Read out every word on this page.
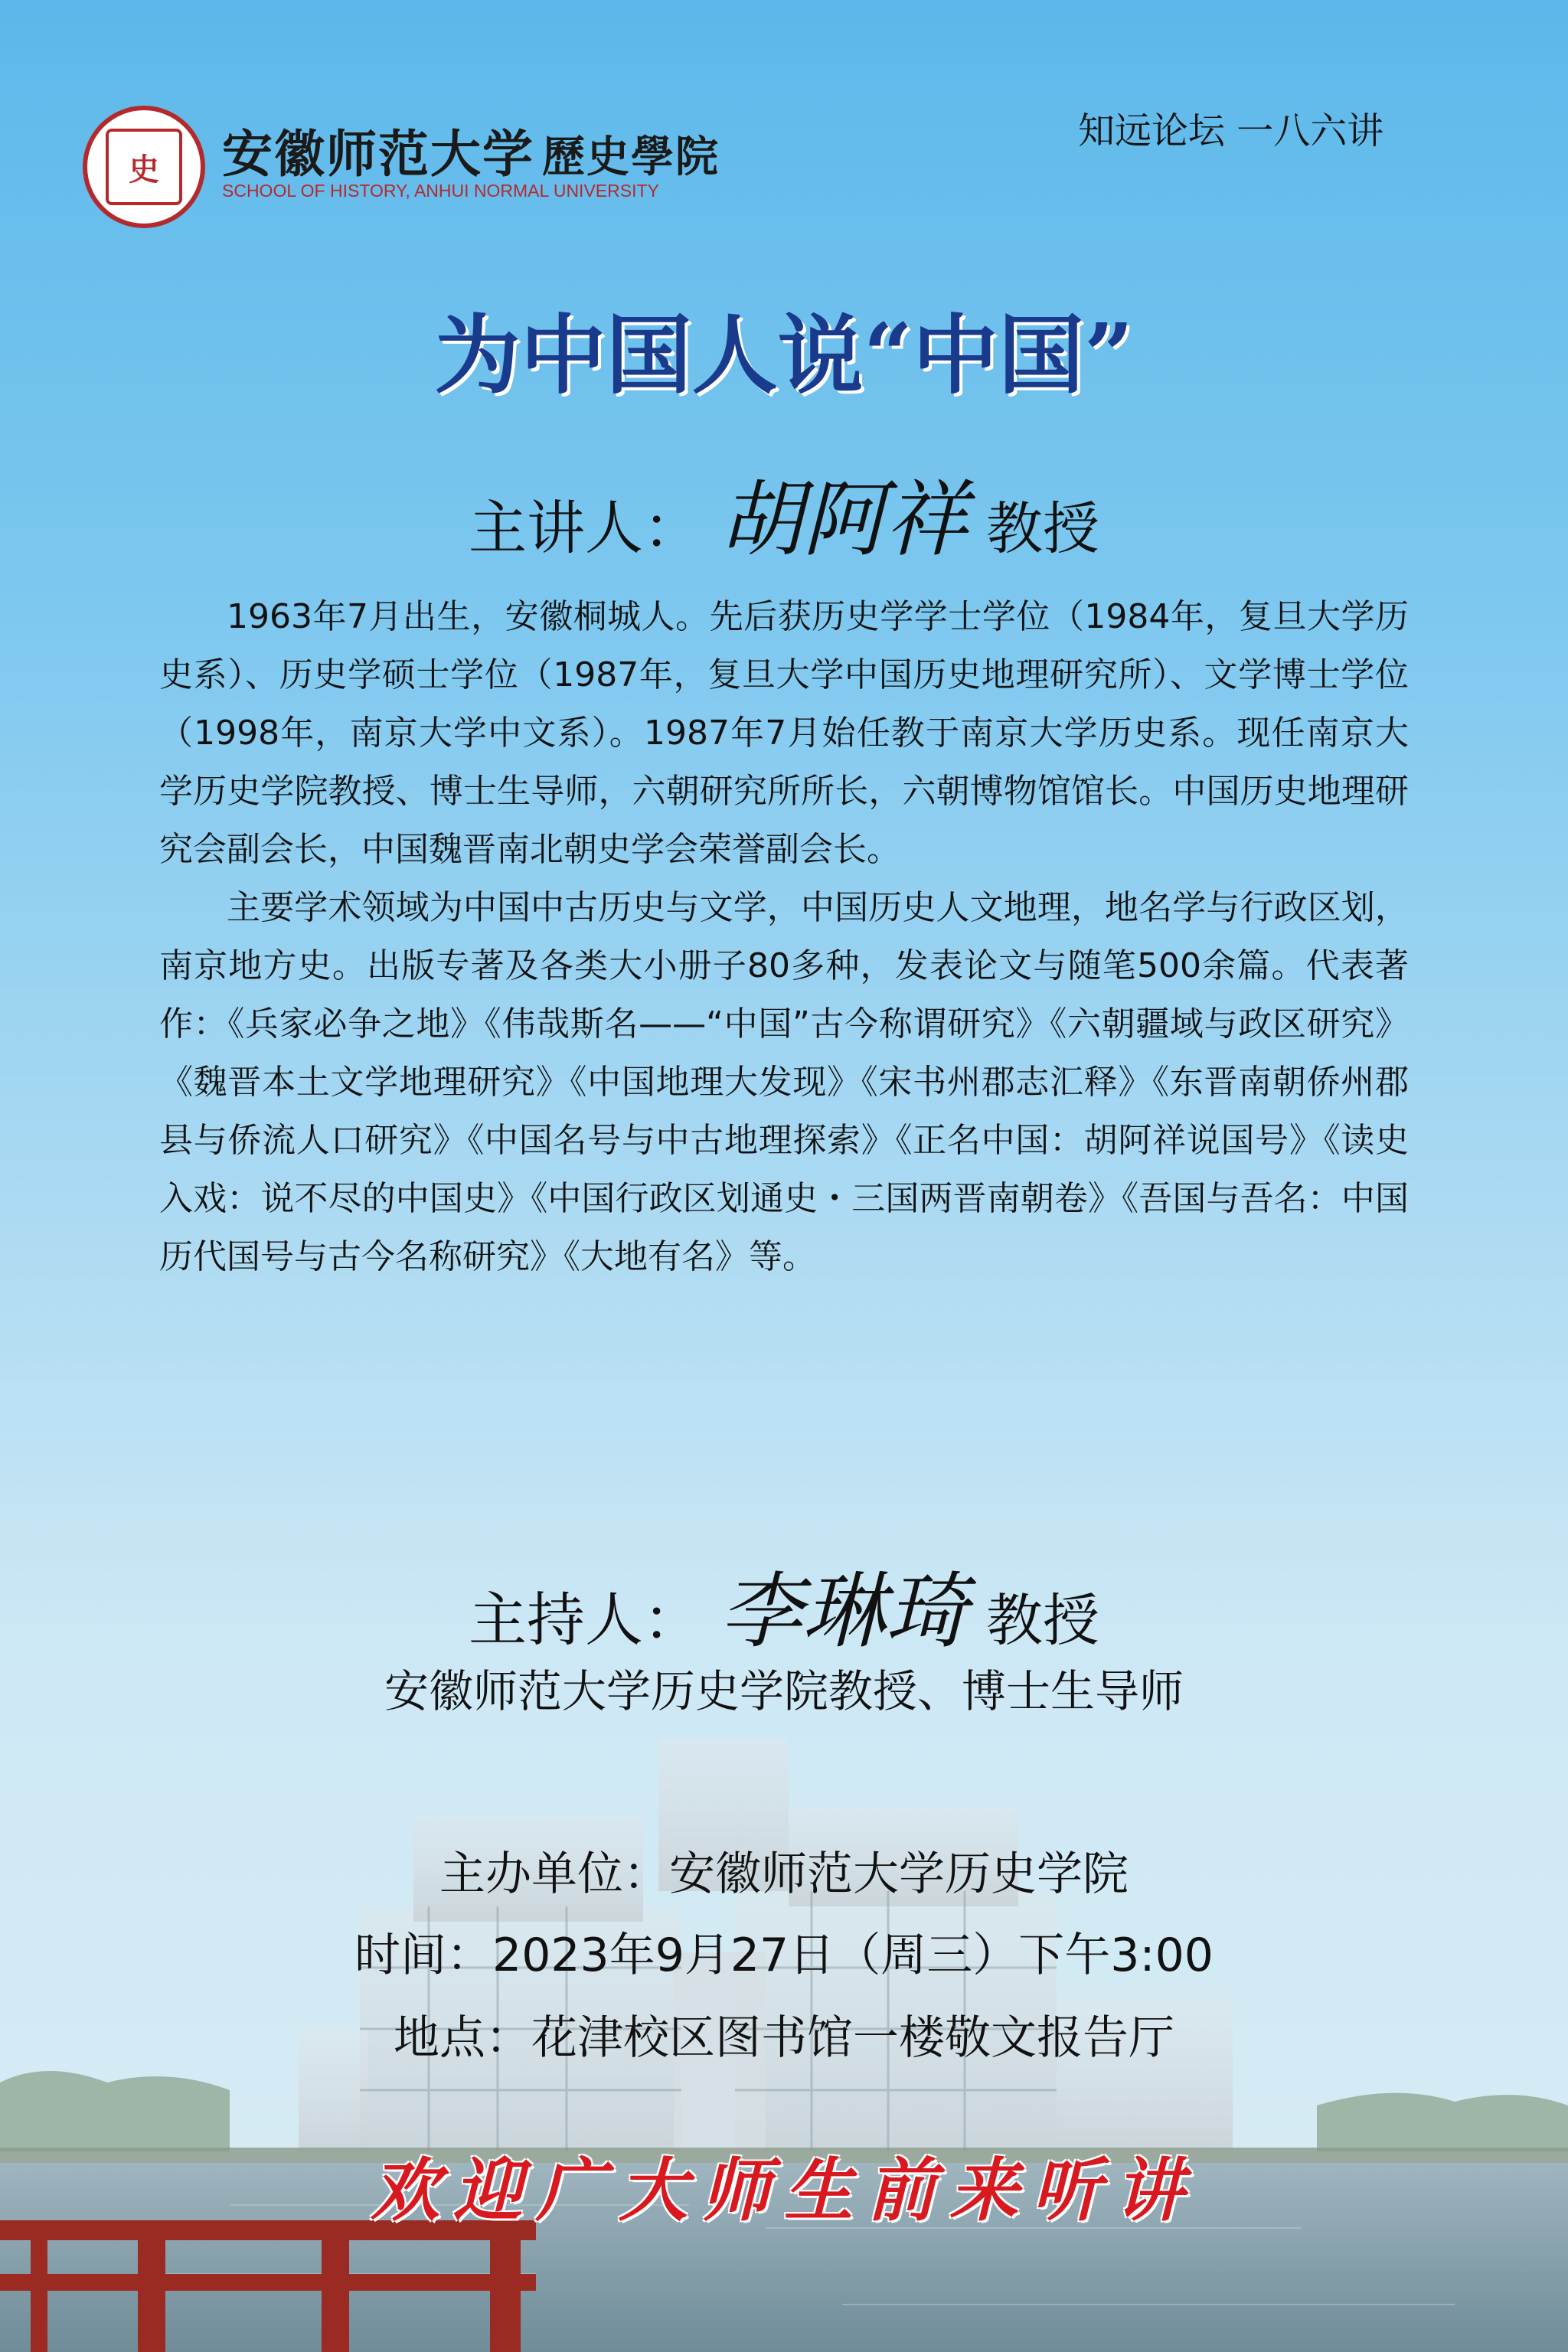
史	安徽师范大学 歷史學院
SCHOOL OF HISTORY, ANHUI NORMAL UNIVERSITY
知远论坛 一八六讲
为中国人说“中国”
主讲人： 胡阿祥 教授

1963年7月出生，安徽桐城人。先后获历史学学士学位（1984年，复旦大学历史系）、历史学硕士学位（1987年，复旦大学中国历史地理研究所）、文学博士学位（1998年，南京大学中文系）。1987年7月始任教于南京大学历史系。现任南京大学历史学院教授、博士生导师，六朝研究所所长，六朝博物馆馆长。中国历史地理研究会副会长，中国魏晋南北朝史学会荣誉副会长。

主要学术领域为中国中古历史与文学，中国历史人文地理，地名学与行政区划，南京地方史。出版专著及各类大小册子80多种，发表论文与随笔500余篇。代表著作：《兵家必争之地》《伟哉斯名——“中国”古今称谓研究》《六朝疆域与政区研究》《魏晋本土文学地理研究》《中国地理大发现》《宋书州郡志汇释》《东晋南朝侨州郡县与侨流人口研究》《中国名号与中古地理探索》《正名中国：胡阿祥说国号》《读史入戏：说不尽的中国史》《中国行政区划通史・三国两晋南朝卷》《吾国与吾名：中国历代国号与古今名称研究》《大地有名》等。

主持人： 李琳琦 教授
安徽师范大学历史学院教授、博士生导师
主办单位：安徽师范大学历史学院
时间：2023年9月27日（周三）下午3:00
地点：花津校区图书馆一楼敬文报告厅
欢迎广大师生前来听讲
